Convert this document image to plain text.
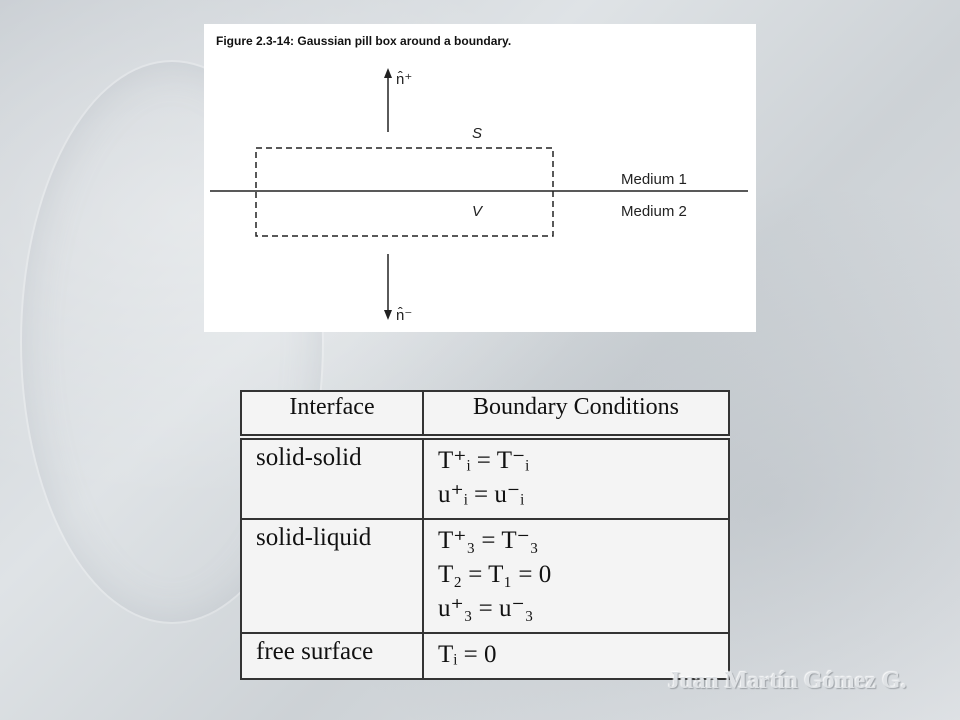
Figure 2.3-14: Gaussian pill box around a boundary.
n̂⁺
n̂⁻
S
V
Medium 1
Medium 2
Interface	Boundary Conditions
solid-solid	T⁺ᵢ = T⁻ᵢ
u⁺ᵢ = u⁻ᵢ

solid-liquid	T⁺₃ = T⁻₃
T₂ = T₁ = 0
u⁺₃ = u⁻₃

free surface	Tᵢ = 0
Juan Martín Gómez G.
